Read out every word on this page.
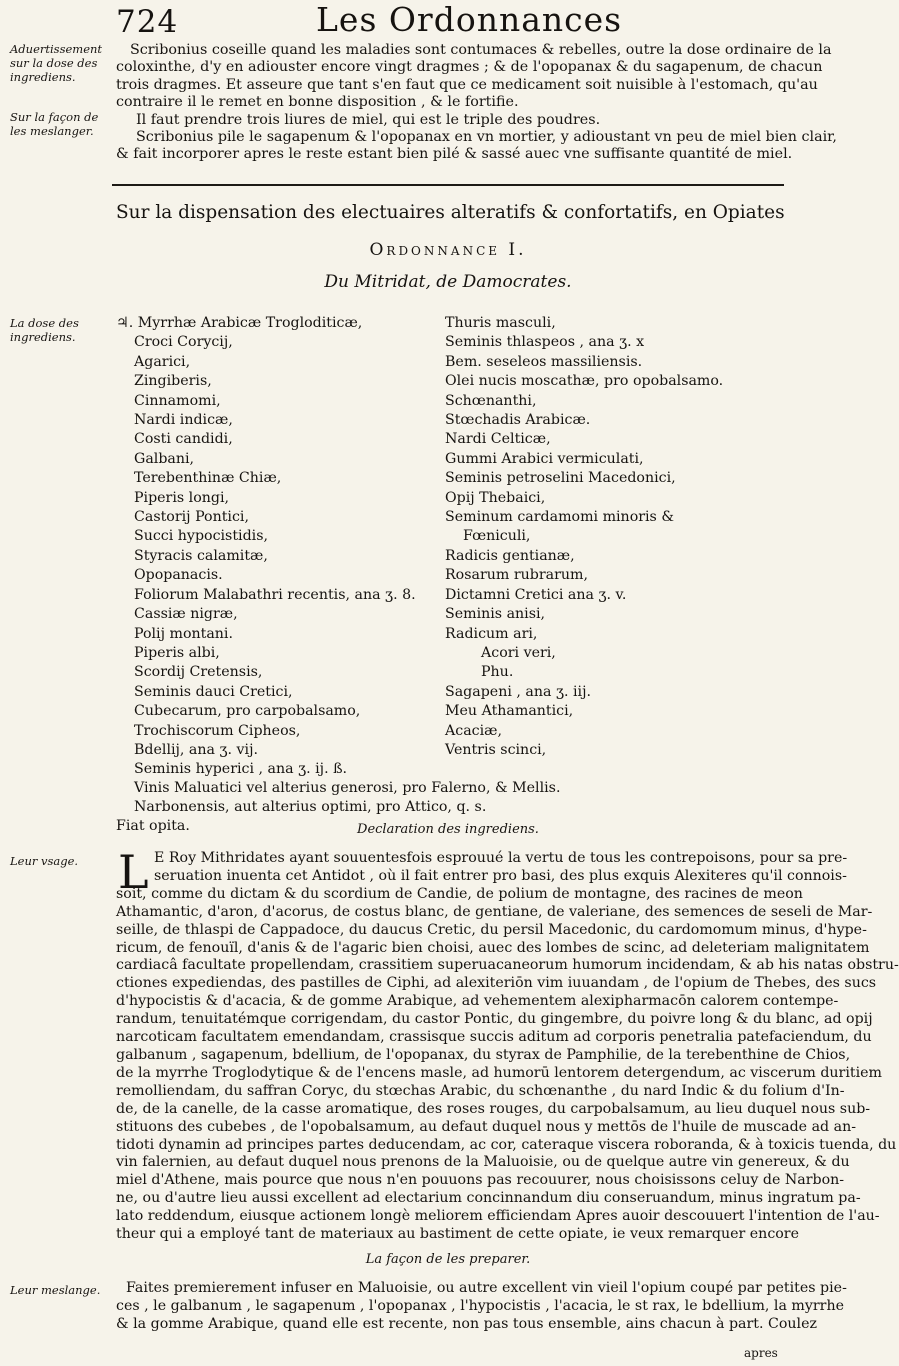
724	Les Ordonnances
Aduertissement sur la dose des ingrediens.
Sur la façon de les meslanger.
Scribonius coseille quand les maladies sont contumaces & rebelles, outre la dose ordinaire de la
coloxinthe, d'y en adiouster encore vingt dragmes ; & de l'opopanax & du sagapenum, de chacun
trois dragmes. Et asseure que tant s'en faut que ce medicament soit nuisible à l'estomach, qu'au
contraire il le remet en bonne disposition , & le fortifie.
Il faut prendre trois liures de miel, qui est le triple des poudres.
Scribonius pile le sagapenum & l'opopanax en vn mortier, y adioustant vn peu de miel bien clair,
& fait incorporer apres le reste estant bien pilé & sassé auec vne suffisante quantité de miel.
Sur la dispensation des electuaires alteratifs & confortatifs, en Opiates
Ordonnance I.
Du Mitridat, de Damocrates.
La dose des ingrediens.
♃. Myrrhæ Arabicæ Trogloditicæ,
Croci Corycij,
Agarici,
Zingiberis,
Cinnamomi,
Nardi indicæ,
Costi candidi,
Galbani,
Terebenthinæ Chiæ,
Piperis longi,
Castorij Pontici,
Succi hypocistidis,
Styracis calamitæ,
Opopanacis.
Foliorum Malabathri recentis, ana ʒ. 8.
Cassiæ nigræ,
Polij montani.
Piperis albi,
Scordij Cretensis,
Seminis dauci Cretici,
Cubecarum, pro carpobalsamo,
Trochiscorum Cipheos,
Bdellij, ana ʒ. vij.
Thuris masculi,
Seminis thlaspeos , ana ʒ. x
Bem. seseleos massiliensis.
Olei nucis moscathæ, pro opobalsamo.
Schœnanthi,
Stœchadis Arabicæ.
Nardi Celticæ,
Gummi Arabici vermiculati,
Seminis petroselini Macedonici,
Opij Thebaici,
Seminum cardamomi minoris &
Fœniculi,
Radicis gentianæ,
Rosarum rubrarum,
Dictamni Cretici ana ʒ. v.
Seminis anisi,
Radicum ari,
Acori veri,
Phu.
Sagapeni , ana ʒ. iij.
Meu Athamantici,
Acaciæ,
Ventris scinci,
Seminis hyperici , ana ʒ. ij. ß.
Vinis Maluatici vel alterius generosi, pro Falerno, & Mellis.
Narbonensis, aut alterius optimi, pro Attico, q. s.
Fiat opita.	Declaration des ingrediens.
Leur vsage. L E Roy Mithridates ayant souuentesfois esprouué la vertu de tous les contrepoisons, pour sa pre-
seruation inuenta cet Antidot , où il fait entrer pro basi, des plus exquis Alexiteres qu'il connois-
soit, comme du dictam & du scordium de Candie, de polium de montagne, des racines de meon
Athamantic, d'aron, d'acorus, de costus blanc, de gentiane, de valeriane, des semences de seseli de Mar-
seille, de thlaspi de Cappadoce, du daucus Cretic, du persil Macedonic, du cardomomum minus, d'hype-
ricum, de fenouïl, d'anis & de l'agaric bien choisi, auec des lombes de scinc, ad deleteriam malignitatem
cardiacâ facultate propellendam, crassitiem superuacaneorum humorum incidendam, & ab his natas obstru-
ctiones expediendas, des pastilles de Ciphi, ad alexiteriōn vim iuuandam , de l'opium de Thebes, des sucs
d'hypocistis & d'acacia, & de gomme Arabique, ad vehementem alexipharmacōn calorem contempe-
randum, tenuitatémque corrigendam, du castor Pontic, du gingembre, du poivre long & du blanc, ad opij
narcoticam facultatem emendandam, crassisque succis aditum ad corporis penetralia patefaciendum, du
galbanum , sagapenum, bdellium, de l'opopanax, du styrax de Pamphilie, de la terebenthine de Chios,
de la myrrhe Troglodytique & de l'encens masle, ad humorū lentorem detergendum, ac viscerum duritiem
remolliendam, du saffran Coryc, du stœchas Arabic, du schœnanthe , du nard Indic & du folium d'In-
de, de la canelle, de la casse aromatique, des roses rouges, du carpobalsamum, au lieu duquel nous sub-
stituons des cubebes , de l'opobalsamum, au defaut duquel nous y mettōs de l'huile de muscade ad an-
tidoti dynamin ad principes partes deducendam, ac cor, cateraque viscera roboranda, & à toxicis tuenda, du
vin falernien, au defaut duquel nous prenons de la Maluoisie, ou de quelque autre vin genereux, & du
miel d'Athene, mais pource que nous n'en pouuons pas recouurer, nous choisissons celuy de Narbon-
ne, ou d'autre lieu aussi excellent ad electarium concinnandum diu conseruandum, minus ingratum pa-
lato reddendum, eiusque actionem longè meliorem efficiendam Apres auoir descouuert l'intention de l'au-
theur qui a employé tant de materiaux au bastiment de cette opiate, ie veux remarquer encore
La façon de les preparer.
Leur meslange.	Faites premierement infuser en Maluoisie, ou autre excellent vin vieil l'opium coupé par petites pie-
ces , le galbanum , le sagapenum , l'opopanax , l'hypocistis , l'acacia, le st rax, le bdellium, la myrrhe
& la gomme Arabique, quand elle est recente, non pas tous ensemble, ains chacun à part. Coulez
apres
